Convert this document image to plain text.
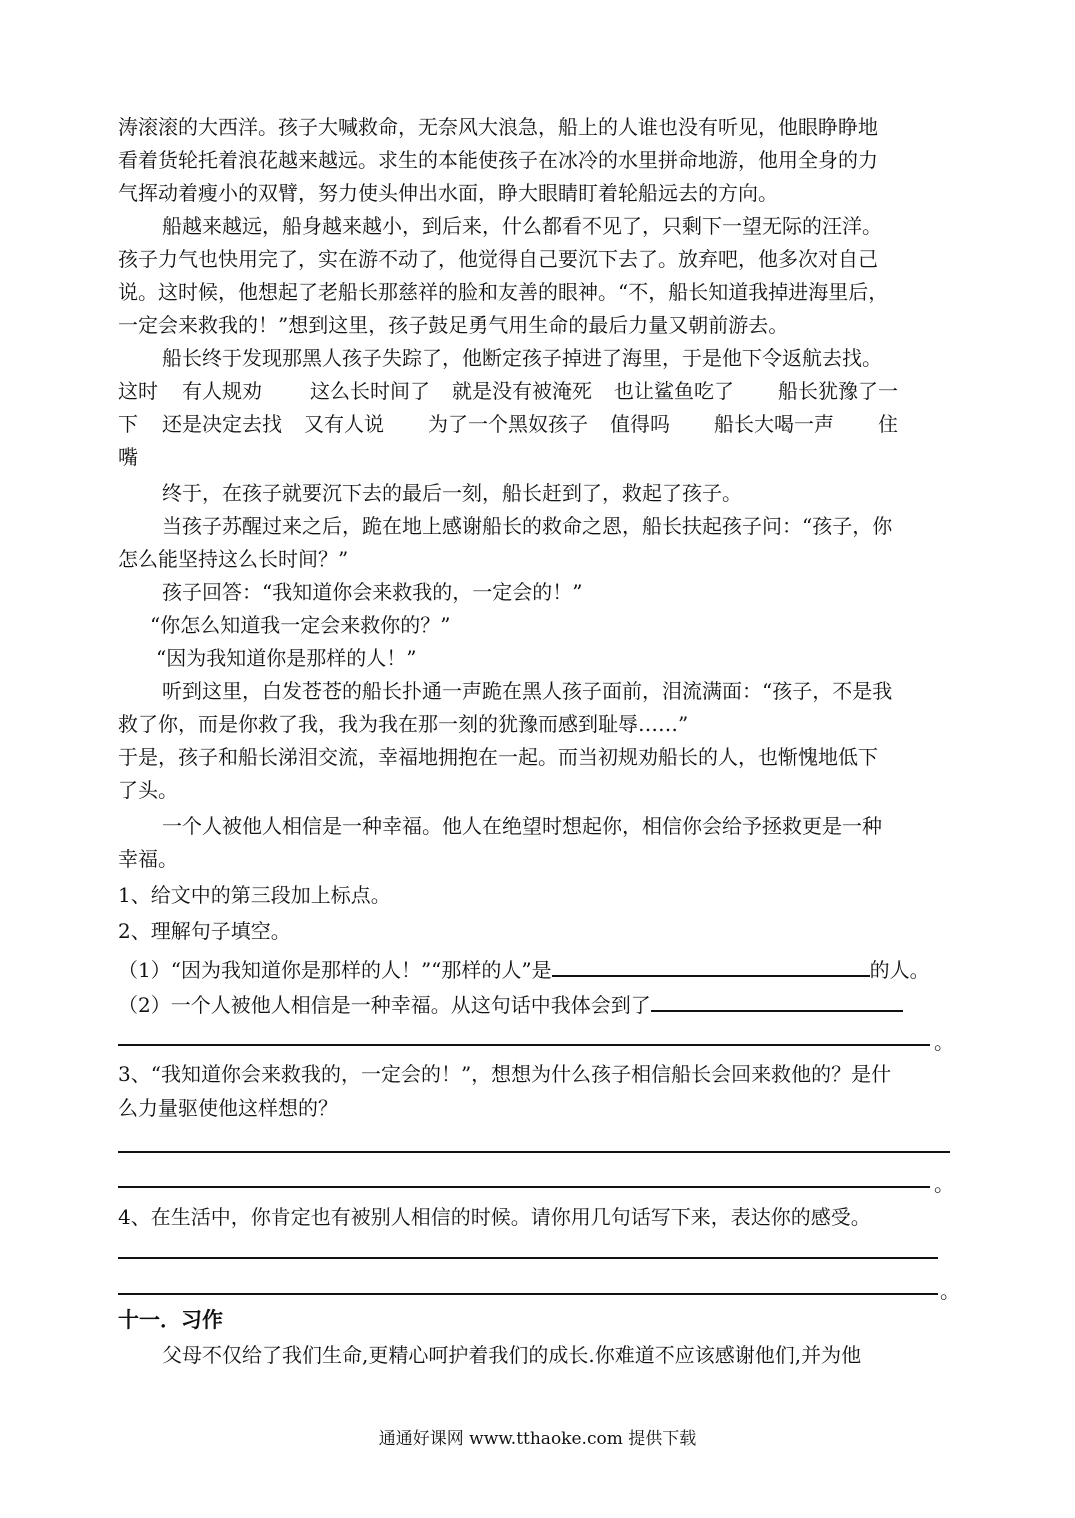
涛滚滚的大西洋。孩子大喊救命，无奈风大浪急，船上的人谁也没有听见，他眼睁睁地
看着货轮托着浪花越来越远。求生的本能使孩子在冰冷的水里拼命地游，他用全身的力
气挥动着瘦小的双臂，努力使头伸出水面，睁大眼睛盯着轮船远去的方向。
船越来越远，船身越来越小，到后来，什么都看不见了，只剩下一望无际的汪洋。
孩子力气也快用完了，实在游不动了，他觉得自己要沉下去了。放弃吧，他多次对自己
说。这时候，他想起了老船长那慈祥的脸和友善的眼神。“不，船长知道我掉进海里后，
一定会来救我的！”想到这里，孩子鼓足勇气用生命的最后力量又朝前游去。
船长终于发现那黑人孩子失踪了，他断定孩子掉进了海里，于是他下令返航去找。
这时 有人规劝 这么长时间了 就是没有被淹死 也让鲨鱼吃了 船长犹豫了一
下 还是决定去找 又有人说 为了一个黑奴孩子 值得吗 船长大喝一声 住
嘴
终于，在孩子就要沉下去的最后一刻，船长赶到了，救起了孩子。
当孩子苏醒过来之后，跪在地上感谢船长的救命之恩，船长扶起孩子问：“孩子，你
怎么能坚持这么长时间？”
孩子回答：“我知道你会来救我的，一定会的！”
“你怎么知道我一定会来救你的？”
“因为我知道你是那样的人！”
听到这里，白发苍苍的船长扑通一声跪在黑人孩子面前，泪流满面：“孩子，不是我
救了你，而是你救了我，我为我在那一刻的犹豫而感到耻辱……”
于是，孩子和船长涕泪交流，幸福地拥抱在一起。而当初规劝船长的人，也惭愧地低下
了头。
一个人被他人相信是一种幸福。他人在绝望时想起你，相信你会给予拯救更是一种
幸福。
1、给文中的第三段加上标点。
2、理解句子填空。
（1）“因为我知道你是那样的人！”“那样的人”是	的人。
（2）一个人被他人相信是一种幸福。从这句话中我体会到了
。
3、“我知道你会来救我的，一定会的！”，想想为什么孩子相信船长会回来救他的？是什
么力量驱使他这样想的？
。
4、在生活中，你肯定也有被别人相信的时候。请你用几句话写下来，表达你的感受。
。
十一．习作
父母不仅给了我们生命,更精心呵护着我们的成长.你难道不应该感谢他们,并为他
通通好课网 www.tthaoke.com 提供下载
